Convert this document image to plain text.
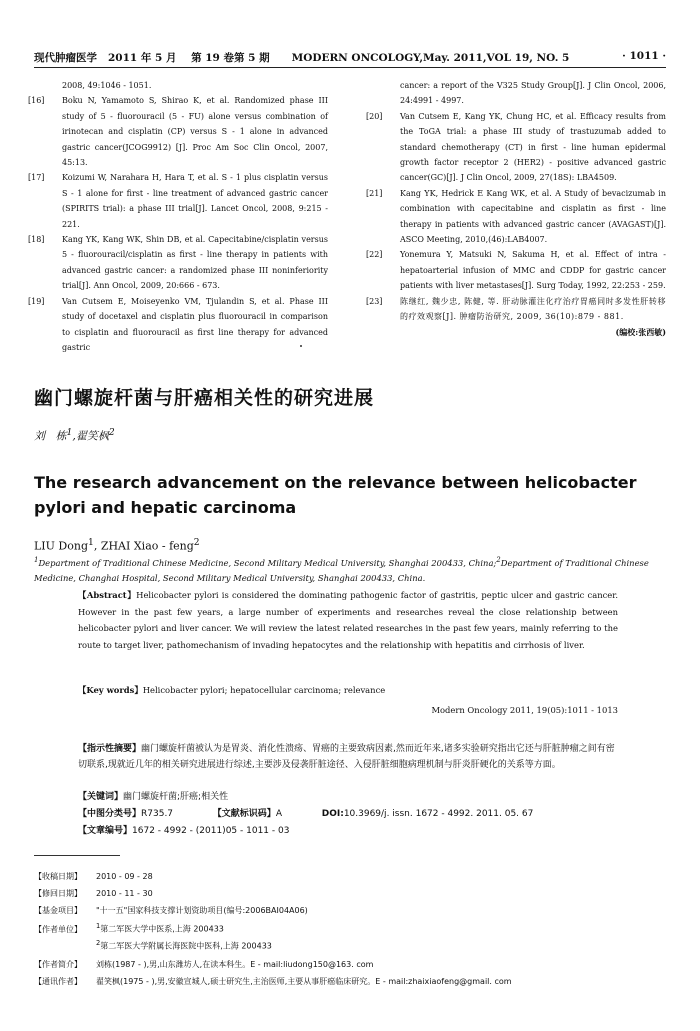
现代肿瘤医学 2011 年 5 月 第 19 卷第 5 期 MODERN ONCOLOGY,May. 2011,VOL 19, NO. 5	· 1011 ·
2008, 49:1046 - 1051.
[16]	Boku N, Yamamoto S, Shirao K, et al. Randomized phase III study of 5 - fluorouracil (5 - FU) alone versus combination of irinotecan and cisplatin (CP) versus S - 1 alone in advanced gastric cancer(JCOG9912) [J]. Proc Am Soc Clin Oncol, 2007, 45:13.
[17]	Koizumi W, Narahara H, Hara T, et al. S - 1 plus cisplatin versus S - 1 alone for first - line treatment of advanced gastric cancer (SPIRITS trial): a phase III trial[J]. Lancet Oncol, 2008, 9:215 - 221.
[18]	Kang YK, Kang WK, Shin DB, et al. Capecitabine/cisplatin versus 5 - fluorouracil/cisplatin as first - line therapy in patients with advanced gastric cancer: a randomized phase III noninferiority trial[J]. Ann Oncol, 2009, 20:666 - 673.
[19]	Van Cutsem E, Moiseyenko VM, Tjulandin S, et al. Phase III study of docetaxel and cisplatin plus fluorouracil in comparison to cisplatin and fluorouracil as first line therapy for advanced gastric
cancer: a report of the V325 Study Group[J]. J Clin Oncol, 2006, 24:4991 - 4997.
[20]	Van Cutsem E, Kang YK, Chung HC, et al. Efficacy results from the ToGA trial: a phase III study of trastuzumab added to standard chemotherapy (CT) in first - line human epidermal growth factor receptor 2 (HER2) - positive advanced gastric cancer(GC)[J]. J Clin Oncol, 2009, 27(18S): LBA4509.
[21]	Kang YK, Hedrick E Kang WK, et al. A Study of bevacizumab in combination with capecitabine and cisplatin as first - line therapy in patients with advanced gastric cancer (AVAGAST)[J]. ASCO Meeting, 2010,(46):LAB4007.
[22]	Yonemura Y, Matsuki N, Sakuma H, et al. Effect of intra - hepatoarterial infusion of MMC and CDDP for gastric cancer patients with liver metastases[J]. Surg Today, 1992, 22:253 - 259.
[23]	陈继红, 魏少忠, 陈健, 等. 肝动脉灌注化疗治疗胃癌同时多发性肝转移的疗效观察[J]. 肿瘤防治研究, 2009, 36(10):879 - 881.
(编校:张西敏)
幽门螺旋杆菌与肝癌相关性的研究进展
刘 栋$^1$,翟笑枫$^2$
The research advancement on the relevance between helicobacter pylori and hepatic carcinoma
LIU Dong$^1$, ZHAI Xiao - feng$^2$
$^1$Department of Traditional Chinese Medicine, Second Military Medical University, Shanghai 200433, China;$^2$Department of Traditional Chinese Medicine, Changhai Hospital, Second Military Medical University, Shanghai 200433, China.
【Abstract】Helicobacter pylori is considered the dominating pathogenic factor of gastritis, peptic ulcer and gastric cancer. However in the past few years, a large number of experiments and researches reveal the close relationship between helicobacter pylori and liver cancer. We will review the latest related researches in the past few years, mainly referring to the route to target liver, pathomechanism of invading hepatocytes and the relationship with hepatitis and cirrhosis of liver.
【Key words】Helicobacter pylori; hepatocellular carcinoma; relevance
Modern Oncology 2011, 19(05):1011 - 1013
【指示性摘要】幽门螺旋杆菌被认为是胃炎、消化性溃疡、胃癌的主要致病因素,然而近年来,诸多实验研究指出它还与肝脏肿瘤之间有密切联系,现就近几年的相关研究进展进行综述,主要涉及侵袭肝脏途径、入侵肝脏细胞病理机制与肝炎肝硬化的关系等方面。
【关键词】幽门螺旋杆菌;肝癌;相关性
【中图分类号】R735.7	【文献标识码】A	DOI:10.3969/j. issn. 1672 - 4992. 2011. 05. 67
【文章编号】1672 - 4992 - (2011)05 - 1011 - 03
【收稿日期】 2010 - 09 - 28
【修回日期】 2010 - 11 - 30
【基金项目】 "十一五"国家科技支撑计划资助项目(编号:2006BAI04A06)
【作者单位】 $^1$第二军医大学中医系,上海 200433
$^2$第二军医大学附属长海医院中医科,上海 200433
【作者简介】 刘栋(1987 - ),男,山东潍坊人,在读本科生。E - mail:liudong150@163. com
【通讯作者】 翟笑枫(1975 - ),男,安徽宣城人,硕士研究生,主治医师,主要从事肝癌临床研究。E - mail:zhaixiaofeng@gmail. com
